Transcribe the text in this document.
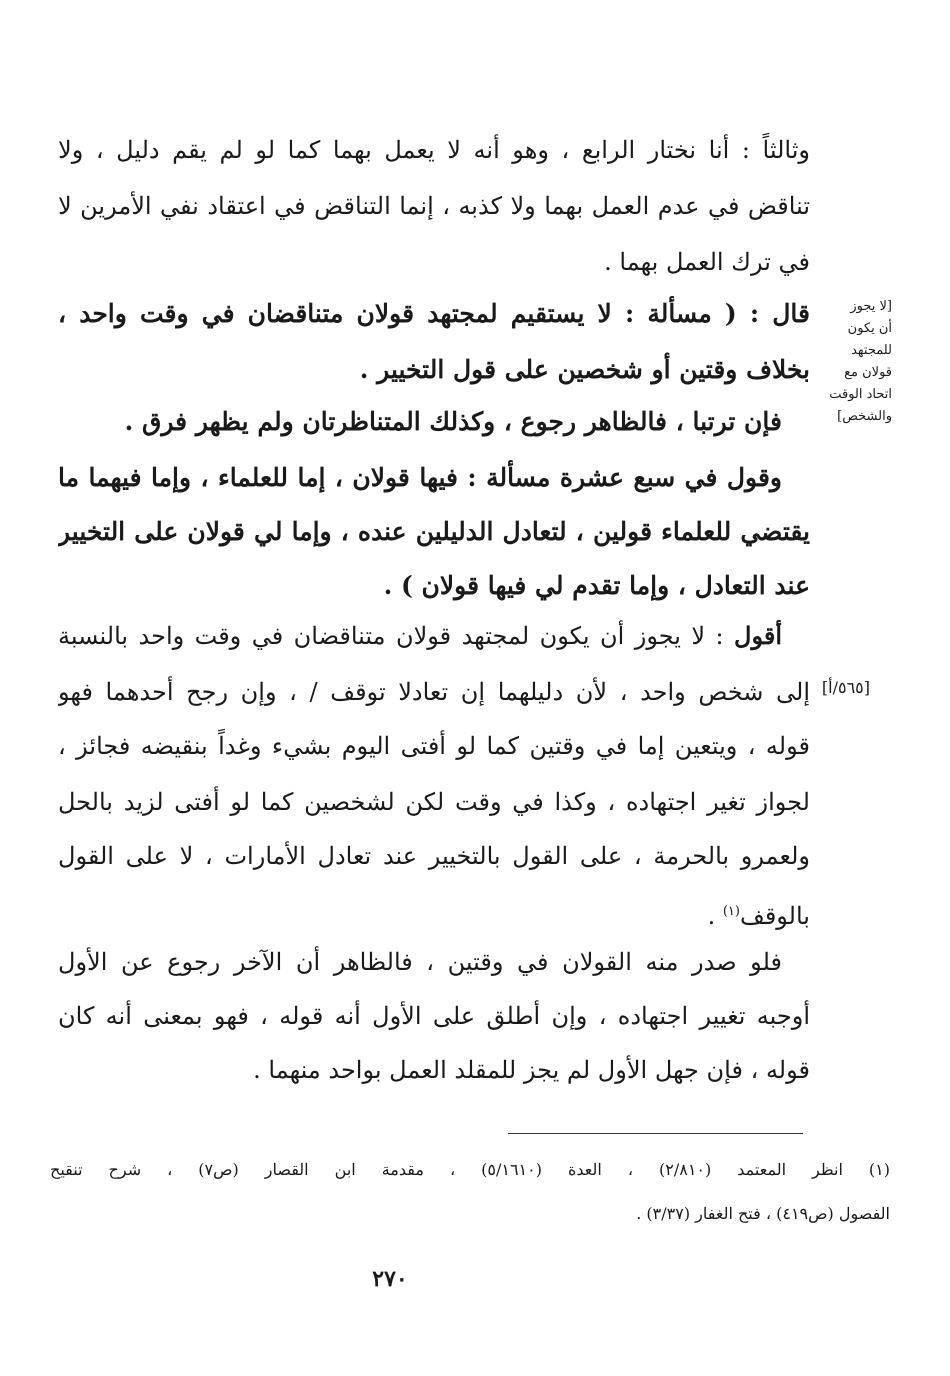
وثالثاً : أنا نختار الرابع ، وهو أنه لا يعمل بهما كما لو لم يقم دليل ، ولا
تناقض في عدم العمل بهما ولا كذبه ، إنما التناقض في اعتقاد نفي الأمرين لا
في ترك العمل بهما .
قال : ( مسألة : لا يستقيم لمجتهد قولان متناقضان في وقت واحد ،
بخلاف وقتين أو شخصين على قول التخيير .
فإن ترتبا ، فالظاهر رجوع ، وكذلك المتناظرتان ولم يظهر فرق .
وقول في سبع عشرة مسألة : فيها قولان ، إما للعلماء ، وإما فيهما ما
يقتضي للعلماء قولين ، لتعادل الدليلين عنده ، وإما لي قولان على التخيير
عند التعادل ، وإما تقدم لي فيها قولان ) .
أقول : لا يجوز أن يكون لمجتهد قولان متناقضان في وقت واحد بالنسبة
إلى شخص واحد ، لأن دليلهما إن تعادلا توقف / ، وإن رجح أحدهما فهو
قوله ، ويتعين إما في وقتين كما لو أفتى اليوم بشيء وغداً بنقيضه فجائز ،
لجواز تغير اجتهاده ، وكذا في وقت لكن لشخصين كما لو أفتى لزيد بالحل
ولعمرو بالحرمة ، على القول بالتخيير عند تعادل الأمارات ، لا على القول
بالوقف$^{(١)}$ .
فلو صدر منه القولان في وقتين ، فالظاهر أن الآخر رجوع عن الأول
أوجبه تغيير اجتهاده ، وإن أطلق على الأول أنه قوله ، فهو بمعنى أنه كان
قوله ، فإن جهل الأول لم يجز للمقلد العمل بواحد منهما .
[لا يجوز
أن يكون
للمجتهد
قولان مع
اتحاد الوقت
والشخص]
[٥٦٥/أ]
(١) انظر المعتمد (٢/٨١٠) ، العدة (٥/١٦١٠) ، مقدمة ابن القصار (ص٧) ، شرح تنقيح
الفصول (ص٤١٩) ، فتح الغفار (٣/٣٧) .
٢٧٠
